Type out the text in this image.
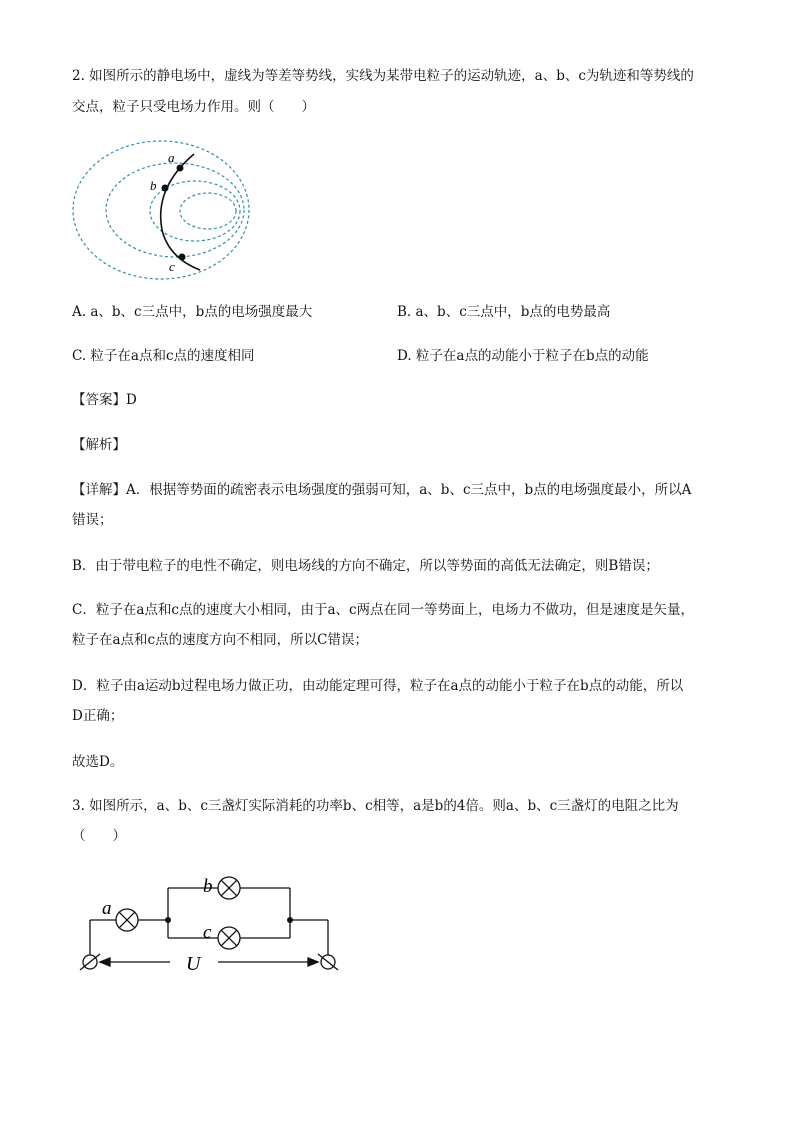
2. 如图所示的静电场中，虚线为等差等势线，实线为某带电粒子的运动轨迹，a、b、c为轨迹和等势线的
交点，粒子只受电场力作用。则（　　）
a
b
c
A. a、b、c三点中，b点的电场强度最大	B. a、b、c三点中，b点的电势最高
C. 粒子在a点和c点的速度相同	D. 粒子在a点的动能小于粒子在b点的动能
【答案】D
【解析】
【详解】A．根据等势面的疏密表示电场强度的强弱可知，a、b、c三点中，b点的电场强度最小，所以A
错误；
B．由于带电粒子的电性不确定，则电场线的方向不确定，所以等势面的高低无法确定，则B错误；
C．粒子在a点和c点的速度大小相同，由于a、c两点在同一等势面上，电场力不做功，但是速度是矢量，
粒子在a点和c点的速度方向不相同，所以C错误；
D．粒子由a运动b过程电场力做正功，由动能定理可得，粒子在a点的动能小于粒子在b点的动能，所以
D正确；
故选D。
3. 如图所示，a、b、c三盏灯实际消耗的功率b、c相等，a是b的4倍。则a、b、c三盏灯的电阻之比为
（　　）
a
b
c
U
